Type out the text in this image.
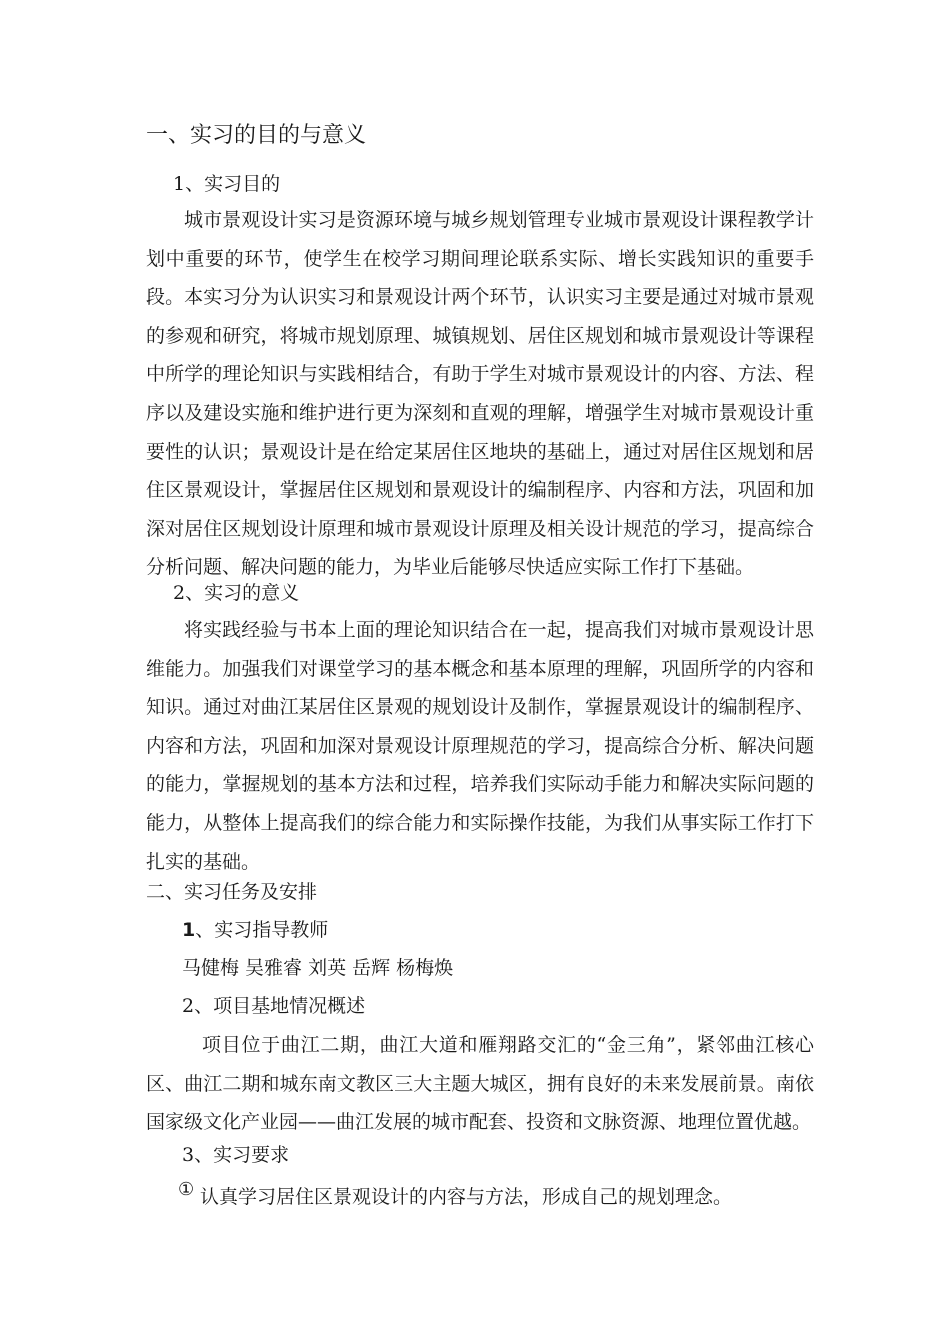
一、实习的目的与意义
1、实习目的

城市景观设计实习是资源环境与城乡规划管理专业城市景观设计课程教学计划中重要的环节，使学生在校学习期间理论联系实际、增长实践知识的重要手段。本实习分为认识实习和景观设计两个环节，认识实习主要是通过对城市景观的参观和研究，将城市规划原理、城镇规划、居住区规划和城市景观设计等课程中所学的理论知识与实践相结合，有助于学生对城市景观设计的内容、方法、程序以及建设实施和维护进行更为深刻和直观的理解，增强学生对城市景观设计重要性的认识；景观设计是在给定某居住区地块的基础上，通过对居住区规划和居住区景观设计，掌握居住区规划和景观设计的编制程序、内容和方法，巩固和加深对居住区规划设计原理和城市景观设计原理及相关设计规范的学习，提高综合分析问题、解决问题的能力，为毕业后能够尽快适应实际工作打下基础。

2、实习的意义

将实践经验与书本上面的理论知识结合在一起，提高我们对城市景观设计思维能力。加强我们对课堂学习的基本概念和基本原理的理解，巩固所学的内容和知识。通过对曲江某居住区景观的规划设计及制作，掌握景观设计的编制程序、内容和方法，巩固和加深对景观设计原理规范的学习，提高综合分析、解决问题的能力，掌握规划的基本方法和过程，培养我们实际动手能力和解决实际问题的能力，从整体上提高我们的综合能力和实际操作技能，为我们从事实际工作打下扎实的基础。

二、实习任务及安排
1、实习指导教师
马健梅 吴雅睿 刘英 岳辉 杨梅焕
2、项目基地情况概述

项目位于曲江二期，曲江大道和雁翔路交汇的“金三角”，紧邻曲江核心区、曲江二期和城东南文教区三大主题大城区，拥有良好的未来发展前景。南依国家级文化产业园——曲江发展的城市配套、投资和文脉资源、地理位置优越。

3、实习要求
① 认真学习居住区景观设计的内容与方法，形成自己的规划理念。
